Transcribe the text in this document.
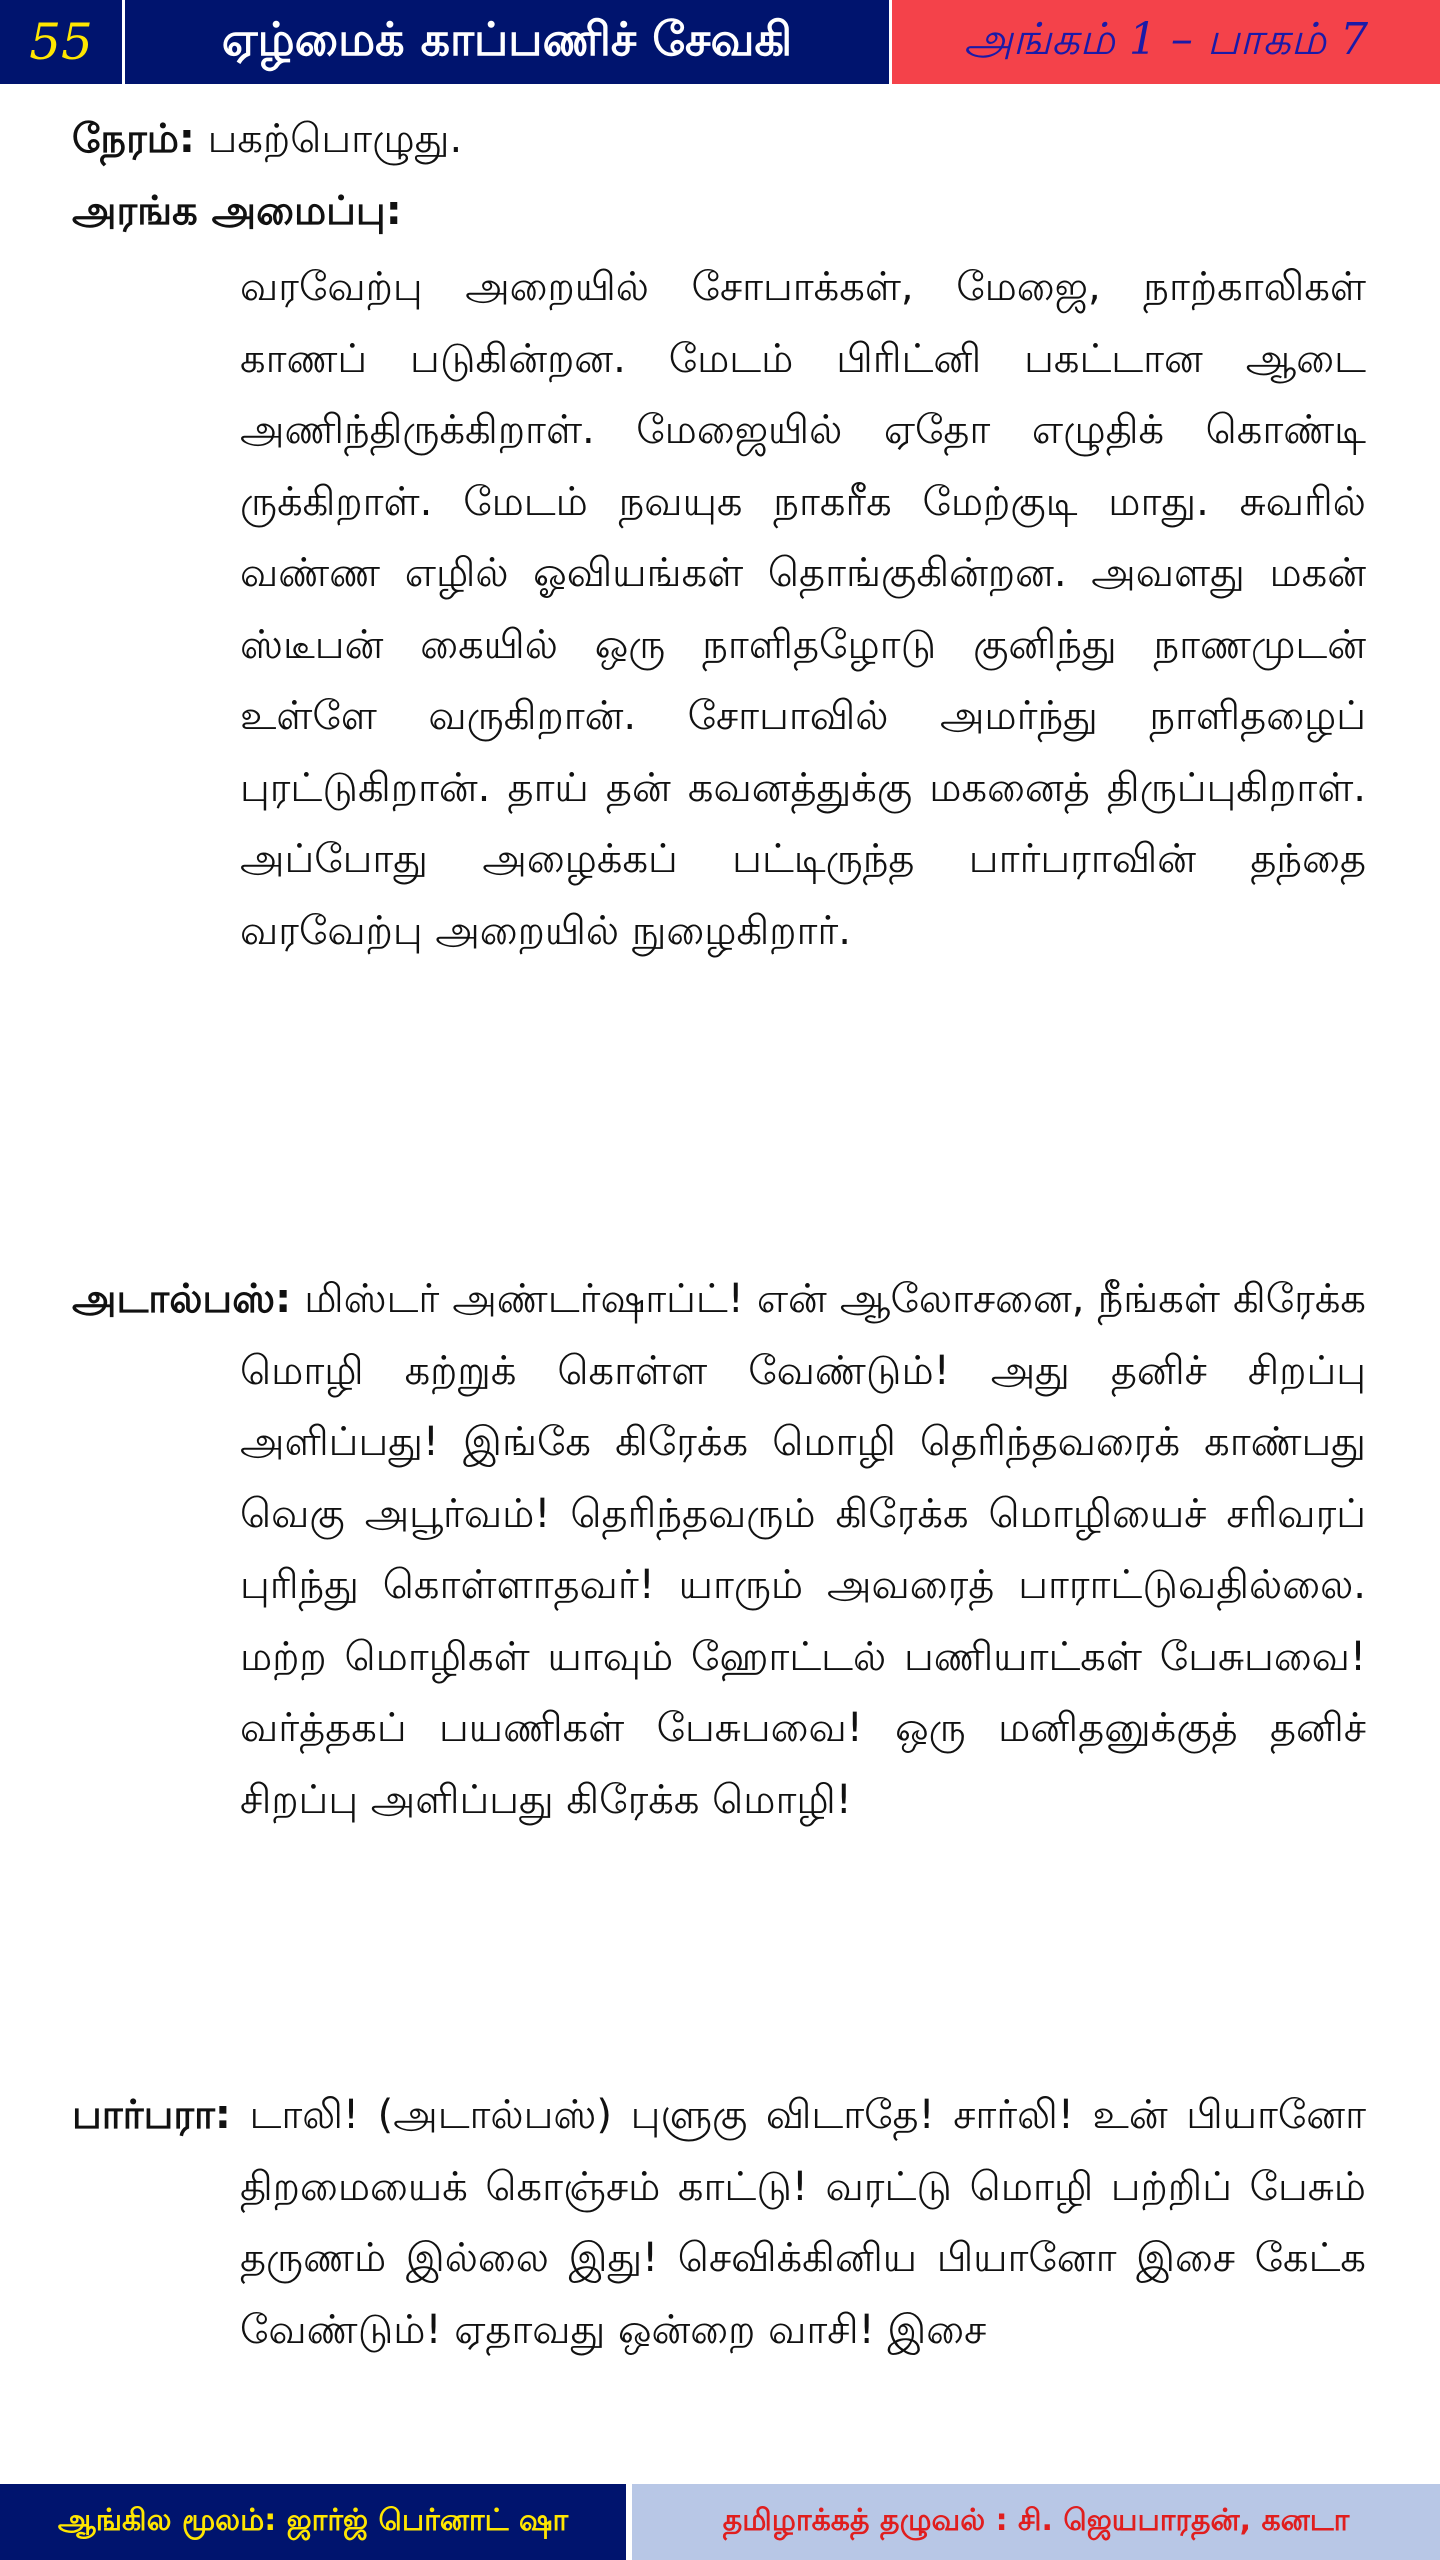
55	ஏழ்மைக் காப்பணிச் சேவகி	அங்கம் 1 – பாகம் 7
நேரம்: பகற்பொழுது.
அரங்க அமைப்பு:
வரவேற்பு அறையில் சோபாக்கள், மேஜை, நாற்காலிகள் காணப் படுகின்றன. மேடம் பிரிட்னி பகட்டான ஆடை அணிந்திருக்கிறாள். மேஜையில் ஏதோ எழுதிக் கொண்டி ருக்கிறாள். மேடம் நவயுக நாகரீக மேற்குடி மாது. சுவரில் வண்ண எழில் ஓவியங்கள் தொங்குகின்றன. அவளது மகன் ஸ்டீபன் கையில் ஒரு நாளிதழோடு குனிந்து நாணமுடன் உள்ளே வருகிறான். சோபாவில் அமர்ந்து நாளிதழைப் புரட்டுகிறான். தாய் தன் கவனத்துக்கு மகனைத் திருப்புகிறாள். அப்போது அழைக்கப் பட்டிருந்த பார்பராவின் தந்தை வரவேற்பு அறையில் நுழைகிறார்.
அடால்பஸ்: மிஸ்டர் அண்டர்ஷாப்ட்! என் ஆலோசனை, நீங்கள் கிரேக்க மொழி கற்றுக் கொள்ள வேண்டும்! அது தனிச் சிறப்பு அளிப்பது! இங்கே கிரேக்க மொழி தெரிந்தவரைக் காண்பது வெகு அபூர்வம்! தெரிந்தவரும் கிரேக்க மொழியைச் சரிவரப் புரிந்து கொள்ளாதவர்! யாரும் அவரைத் பாராட்டுவதில்லை. மற்ற மொழிகள் யாவும் ஹோட்டல் பணியாட்கள் பேசுபவை! வர்த்தகப் பயணிகள் பேசுபவை! ஒரு மனிதனுக்குத் தனிச் சிறப்பு அளிப்பது கிரேக்க மொழி!
பார்பரா: டாலி! (அடால்பஸ்) புளுகு விடாதே! சார்லி! உன் பியானோ திறமையைக் கொஞ்சம் காட்டு! வரட்டு மொழி பற்றிப் பேசும் தருணம் இல்லை இது! செவிக்கினிய பியானோ இசை கேட்க வேண்டும்! ஏதாவது ஒன்றை வாசி! இசை
ஆங்கில மூலம்: ஜார்ஜ் பெர்னாட் ஷா	தமிழாக்கத் தழுவல் : சி. ஜெயபாரதன், கனடா
